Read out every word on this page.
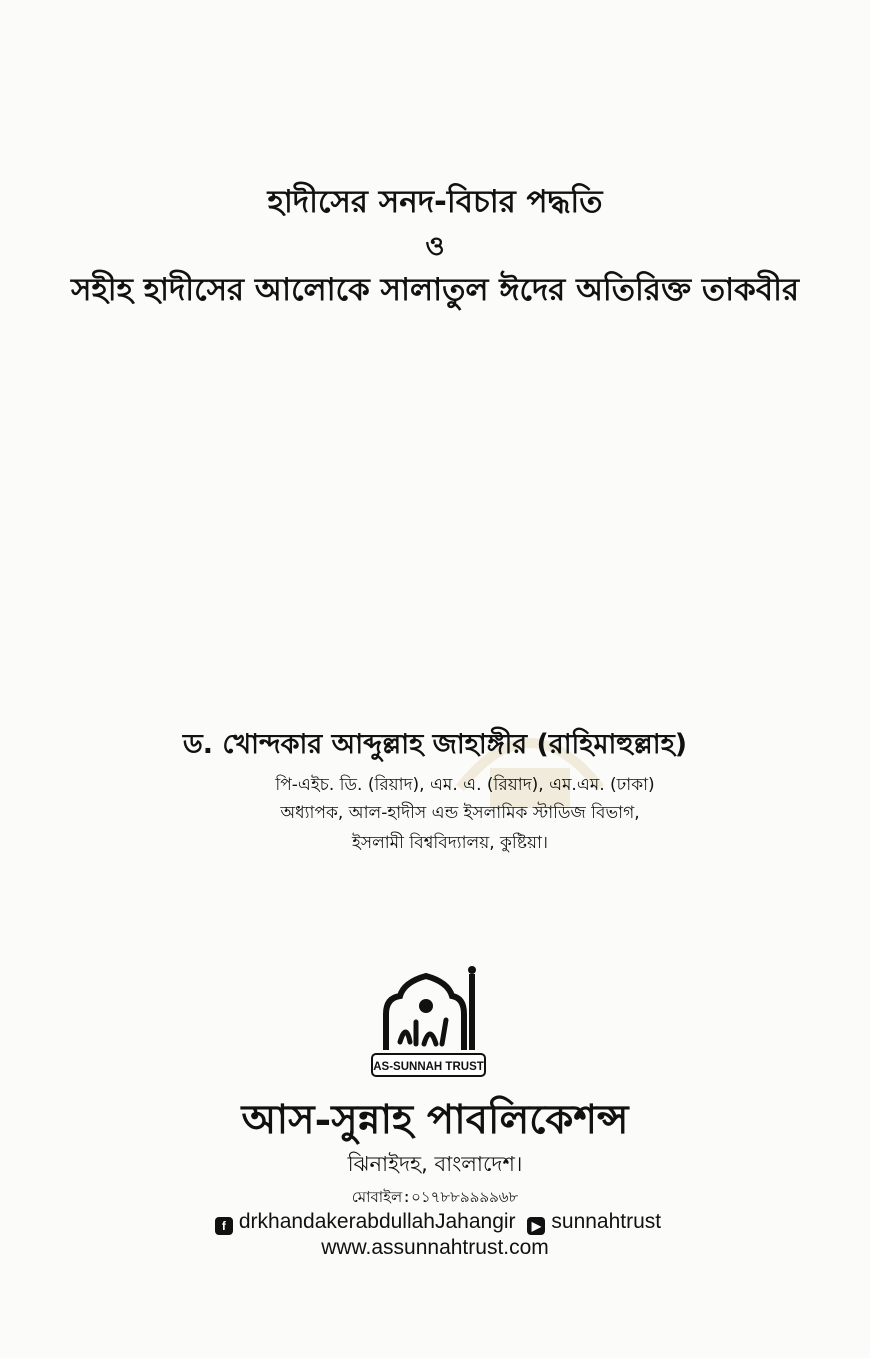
হাদীসের সনদ-বিচার পদ্ধতি
ও
সহীহ হাদীসের আলোকে সালাতুল ঈদের অতিরিক্ত তাকবীর
ড. খোন্দকার আব্দুল্লাহ জাহাঙ্গীর (রাহিমাহুল্লাহ)
পি-এইচ. ডি. (রিয়াদ), এম. এ. (রিয়াদ), এম.এম. (ঢাকা)
অধ্যাপক, আল-হাদীস এন্ড ইসলামিক স্টাডিজ বিভাগ,
ইসলামী বিশ্ববিদ্যালয়, কুষ্টিয়া।
AS-SUNNAH TRUST
আস-সুন্নাহ পাবলিকেশন্স
ঝিনাইদহ, বাংলাদেশ।
মোবাইল:০১৭৮৮৯৯৯৯৬৮
f drkhandakerabdullahJahangir ▶ sunnahtrust
www.assunnahtrust.com
